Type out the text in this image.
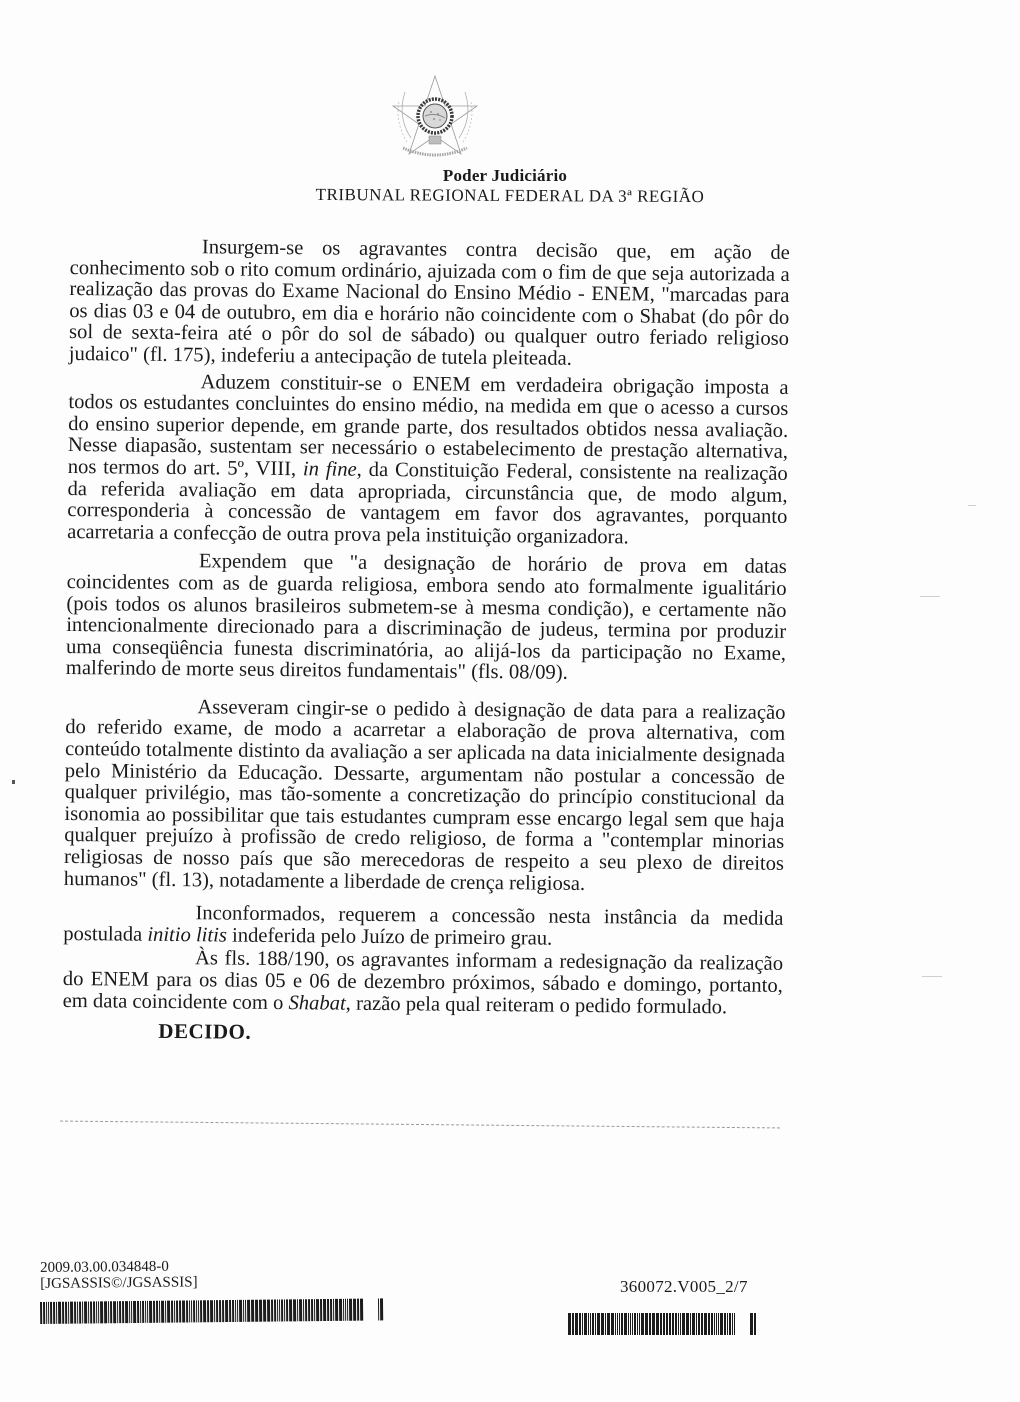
Poder Judiciário
TRIBUNAL REGIONAL FEDERAL DA 3ª REGIÃO

Insurgem-se os agravantes contra decisão que, em ação de conhecimento sob o rito comum ordinário, ajuizada com o fim de que seja autorizada a realização das provas do Exame Nacional do Ensino Médio - ENEM, "marcadas para os dias 03 e 04 de outubro, em dia e horário não coincidente com o Shabat (do pôr do sol de sexta-feira até o pôr do sol de sábado) ou qualquer outro feriado religioso judaico" (fl. 175), indeferiu a antecipação de tutela pleiteada.

Aduzem constituir-se o ENEM em verdadeira obrigação imposta a todos os estudantes concluintes do ensino médio, na medida em que o acesso a cursos do ensino superior depende, em grande parte, dos resultados obtidos nessa avaliação. Nesse diapasão, sustentam ser necessário o estabelecimento de prestação alternativa, nos termos do art. 5º, VIII, in fine, da Constituição Federal, consistente na realização da referida avaliação em data apropriada, circunstância que, de modo algum, corresponderia à concessão de vantagem em favor dos agravantes, porquanto acarretaria a confecção de outra prova pela instituição organizadora.

Expendem que "a designação de horário de prova em datas coincidentes com as de guarda religiosa, embora sendo ato formalmente igualitário (pois todos os alunos brasileiros submetem-se à mesma condição), e certamente não intencionalmente direcionado para a discriminação de judeus, termina por produzir uma conseqüência funesta discriminatória, ao alijá-los da participação no Exame, malferindo de morte seus direitos fundamentais" (fls. 08/09).

Asseveram cingir-se o pedido à designação de data para a realização do referido exame, de modo a acarretar a elaboração de prova alternativa, com conteúdo totalmente distinto da avaliação a ser aplicada na data inicialmente designada pelo Ministério da Educação. Dessarte, argumentam não postular a concessão de qualquer privilégio, mas tão-somente a concretização do princípio constitucional da isonomia ao possibilitar que tais estudantes cumpram esse encargo legal sem que haja qualquer prejuízo à profissão de credo religioso, de forma a "contemplar minorias religiosas de nosso país que são merecedoras de respeito a seu plexo de direitos humanos" (fl. 13), notadamente a liberdade de crença religiosa.

Inconformados, requerem a concessão nesta instância da medida postulada initio litis indeferida pelo Juízo de primeiro grau.

Às fls. 188/190, os agravantes informam a redesignação da realização do ENEM para os dias 05 e 06 de dezembro próximos, sábado e domingo, portanto, em data coincidente com o Shabat, razão pela qual reiteram o pedido formulado.

DECIDO.

2009.03.00.034848-0
[JGSASSIS©/JGSASSIS]	360072.V005_2/7
